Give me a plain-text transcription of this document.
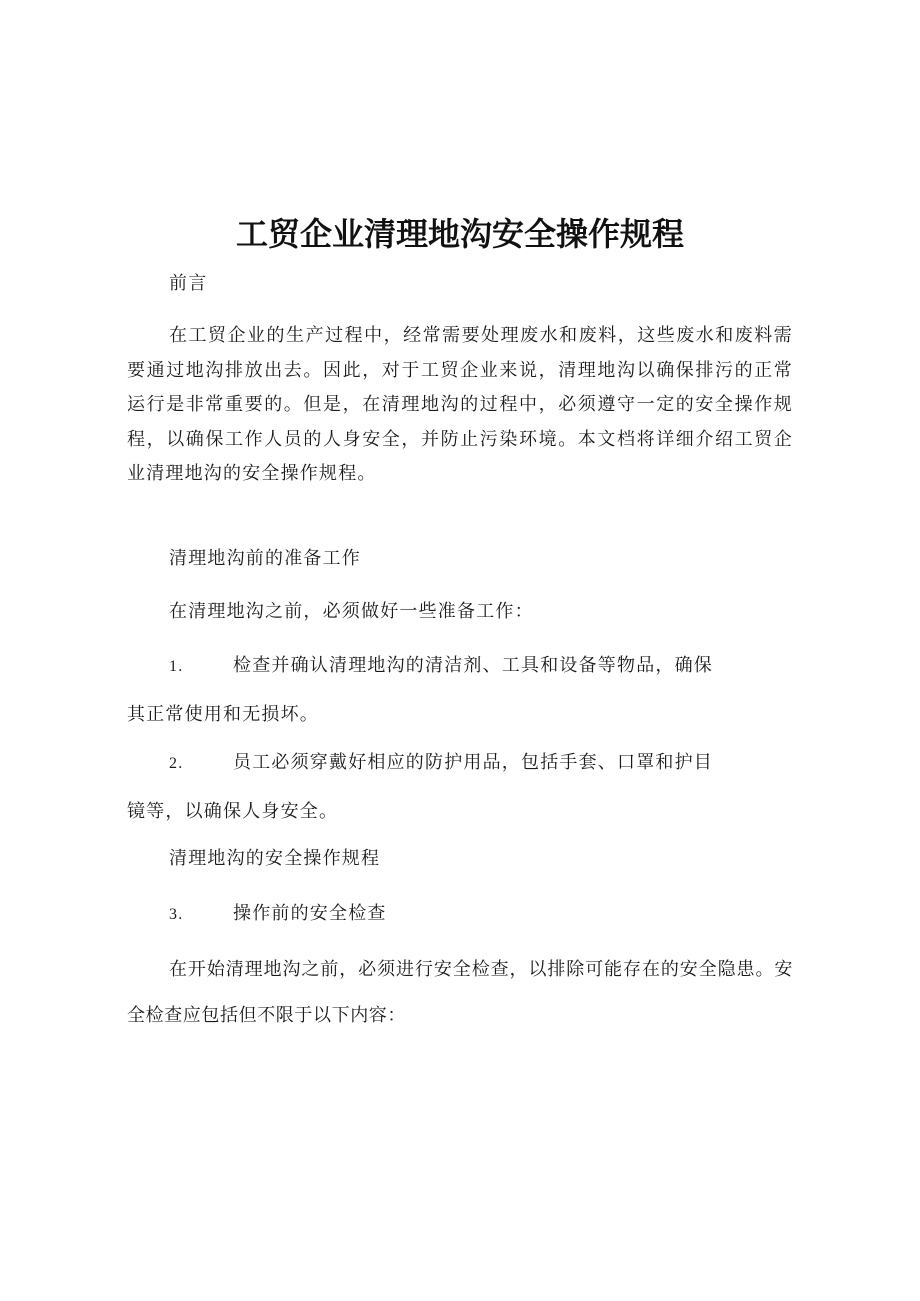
工贸企业清理地沟安全操作规程

前言

在工贸企业的生产过程中，经常需要处理废水和废料，这些废水和废料需要通过地沟排放出去。因此，对于工贸企业来说，清理地沟以确保排污的正常运行是非常重要的。但是，在清理地沟的过程中，必须遵守一定的安全操作规程，以确保工作人员的人身安全，并防止污染环境。本文档将详细介绍工贸企业清理地沟的安全操作规程。

清理地沟前的准备工作

在清理地沟之前，必须做好一些准备工作：

1.	检查并确认清理地沟的清洁剂、工具和设备等物品，确保
其正常使用和无损坏。
2.	员工必须穿戴好相应的防护用品，包括手套、口罩和护目
镜等，以确保人身安全。

清理地沟的安全操作规程

3.	操作前的安全检查

在开始清理地沟之前，必须进行安全检查，以排除可能存在的安全隐患。安全检查应包括但不限于以下内容：
